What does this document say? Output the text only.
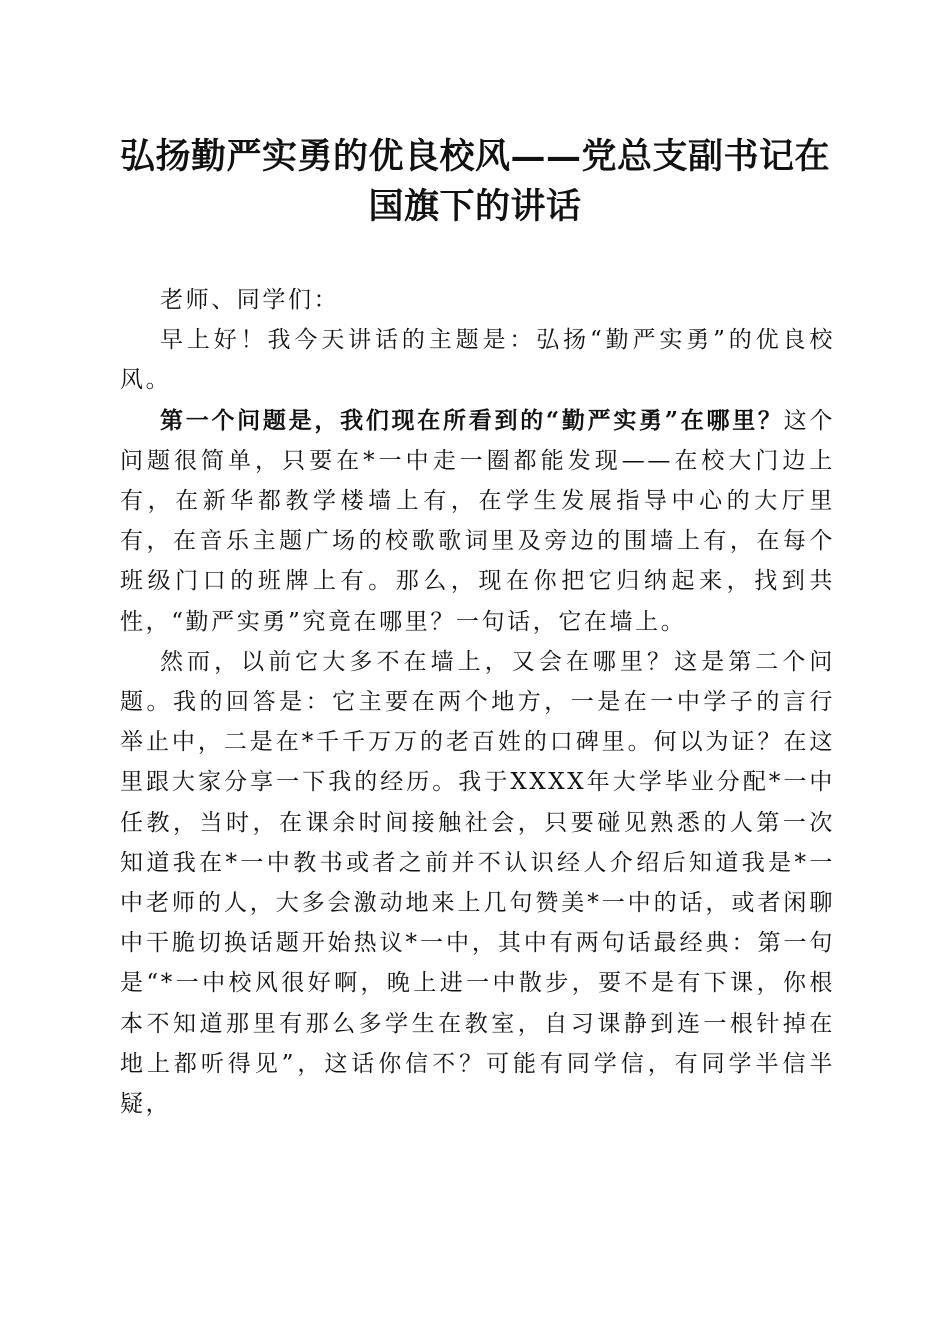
弘扬勤严实勇的优良校风——党总支副书记在
国旗下的讲话

老师、同学们：

早上好！我今天讲话的主题是：弘扬“勤严实勇”的优良校风。

第一个问题是，我们现在所看到的“勤严实勇”在哪里？这个问题很简单，只要在*一中走一圈都能发现——在校大门边上有，在新华都教学楼墙上有，在学生发展指导中心的大厅里有，在音乐主题广场的校歌歌词里及旁边的围墙上有，在每个班级门口的班牌上有。那么，现在你把它归纳起来，找到共性，“勤严实勇”究竟在哪里？一句话，它在墙上。

然而，以前它大多不在墙上，又会在哪里？这是第二个问题。我的回答是：它主要在两个地方，一是在一中学子的言行举止中，二是在*千千万万的老百姓的口碑里。何以为证？在这里跟大家分享一下我的经历。我于XXXX年大学毕业分配*一中任教，当时，在课余时间接触社会，只要碰见熟悉的人第一次知道我在*一中教书或者之前并不认识经人介绍后知道我是*一中老师的人，大多会激动地来上几句赞美*一中的话，或者闲聊中干脆切换话题开始热议*一中，其中有两句话最经典：第一句是“*一中校风很好啊，晚上进一中散步，要不是有下课，你根本不知道那里有那么多学生在教室，自习课静到连一根针掉在地上都听得见”，这话你信不？可能有同学信，有同学半信半疑，
